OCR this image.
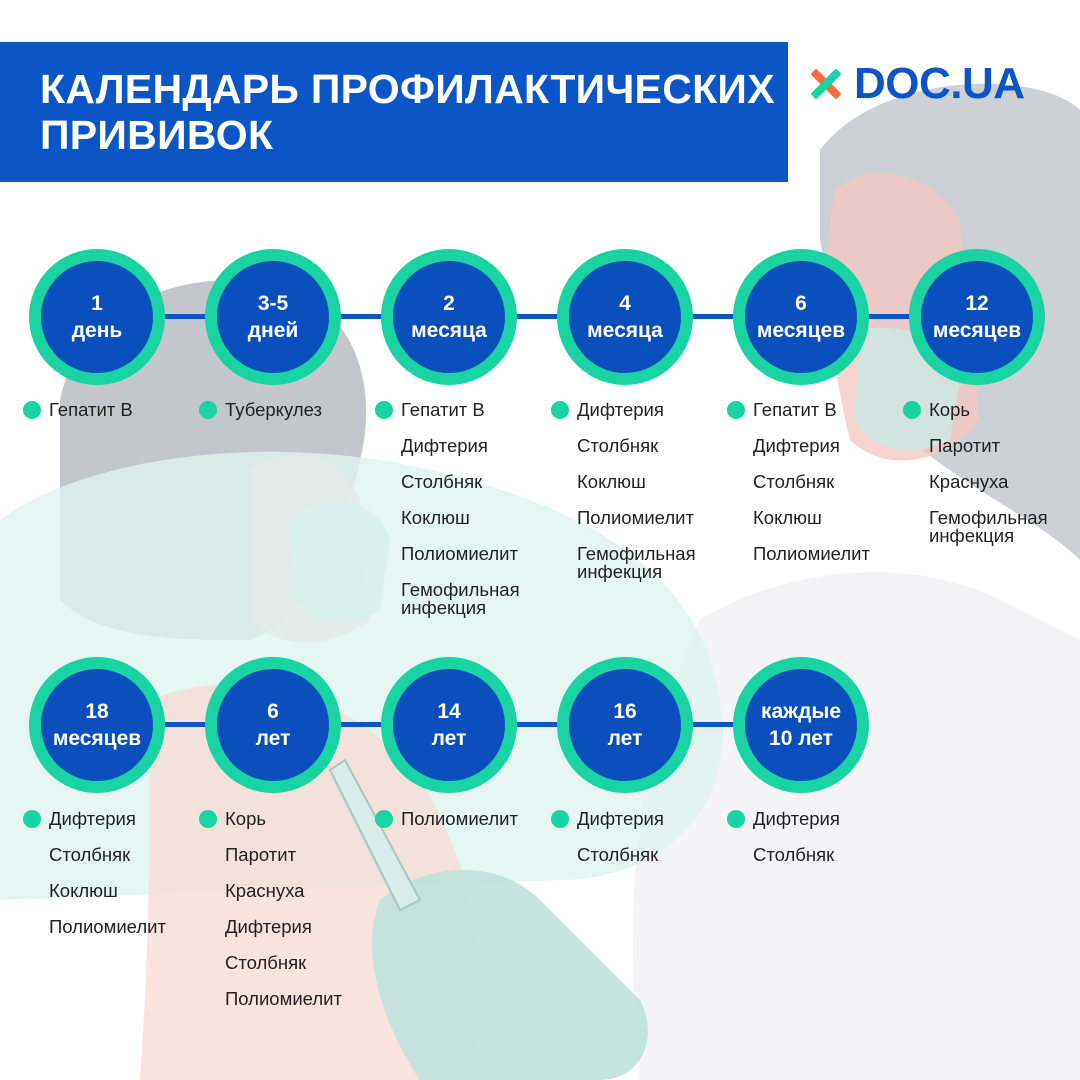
КАЛЕНДАРЬ ПРОФИЛАКТИЧЕСКИХ
ПРИВИВОК
DOC.UA
1
день
Гепатит В
3-5
дней
Туберкулез
2
месяца
Гепатит В
Дифтерия
Столбняк
Коклюш
Полиомиелит
Гемофильная
инфекция
4
месяца
Дифтерия
Столбняк
Коклюш
Полиомиелит
Гемофильная
инфекция
6
месяцев
Гепатит В
Дифтерия
Столбняк
Коклюш
Полиомиелит
12
месяцев
Корь
Паротит
Краснуха
Гемофильная
инфекция
18
месяцев
Дифтерия
Столбняк
Коклюш
Полиомиелит
6
лет
Корь
Паротит
Краснуха
Дифтерия
Столбняк
Полиомиелит
14
лет
Полиомиелит
16
лет
Дифтерия
Столбняк
каждые
10 лет
Дифтерия
Столбняк
